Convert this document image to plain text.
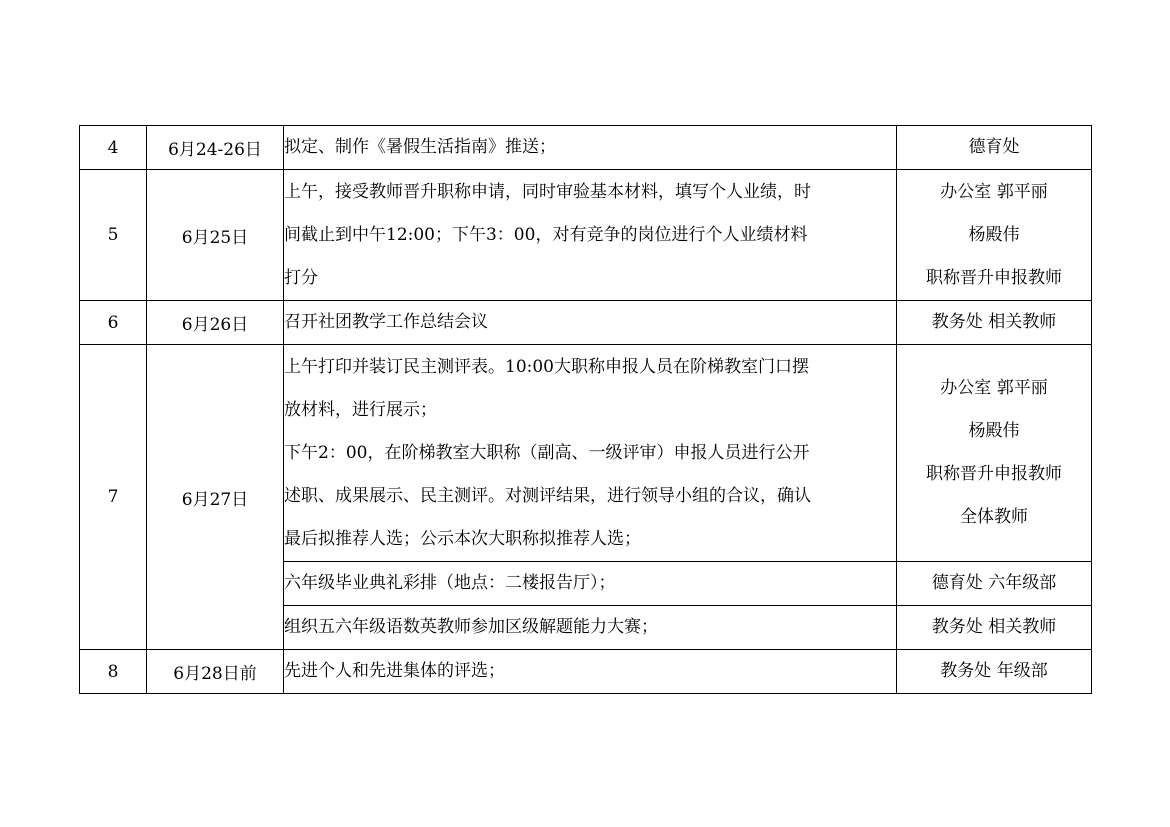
4	6月24-26日	拟定、制作《暑假生活指南》推送；	德育处

5	6月25日	上午，接受教师晋升职称申请，同时审验基本材料，填写个人业绩，时
间截止到中午12:00；下午3：00，对有竞争的岗位进行个人业绩材料
打分	办公室 郭平丽
杨殿伟
职称晋升申报教师

6	6月26日	召开社团教学工作总结会议	教务处 相关教师

7	6月27日	上午打印并装订民主测评表。10:00大职称申报人员在阶梯教室门口摆
放材料，进行展示；
下午2：00，在阶梯教室大职称（副高、一级评审）申报人员进行公开
述职、成果展示、民主测评。对测评结果，进行领导小组的合议，确认
最后拟推荐人选；公示本次大职称拟推荐人选；	办公室 郭平丽
杨殿伟
职称晋升申报教师
全体教师

		六年级毕业典礼彩排（地点：二楼报告厅）；	德育处 六年级部

		组织五六年级语数英教师参加区级解题能力大赛；	教务处 相关教师

8	6月28日前	先进个人和先进集体的评选；	教务处 年级部
